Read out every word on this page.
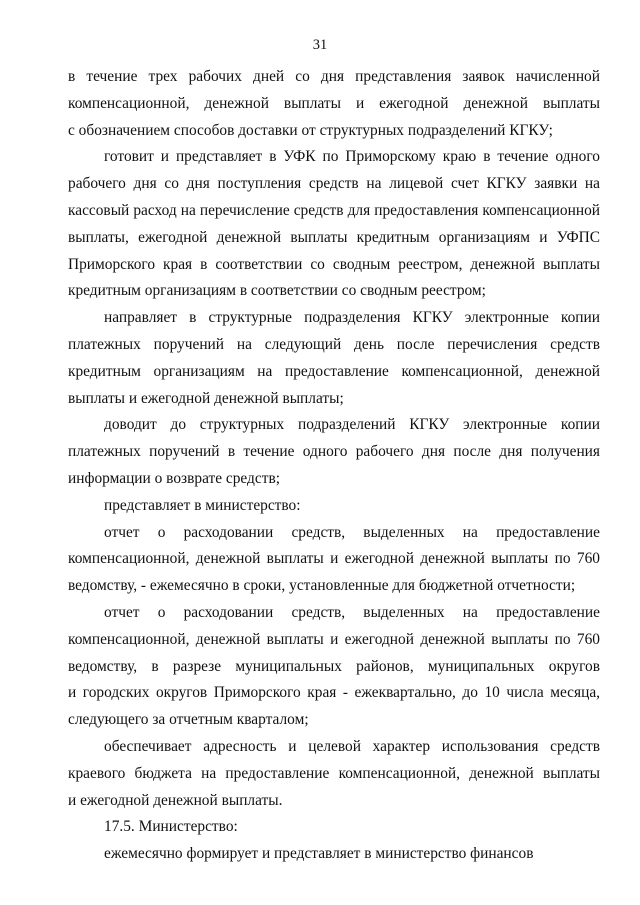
31
в течение трех рабочих дней со дня представления заявок начисленной
компенсационной, денежной выплаты и ежегодной денежной выплаты
с обозначением способов доставки от структурных подразделений КГКУ;
готовит и представляет в УФК по Приморскому краю в течение одного
рабочего дня со дня поступления средств на лицевой счет КГКУ заявки на
кассовый расход на перечисление средств для предоставления компенсационной
выплаты, ежегодной денежной выплаты кредитным организациям и УФПС
Приморского края в соответствии со сводным реестром, денежной выплаты
кредитным организациям в соответствии со сводным реестром;
направляет в структурные подразделения КГКУ электронные копии
платежных поручений на следующий день после перечисления средств
кредитным организациям на предоставление компенсационной, денежной
выплаты и ежегодной денежной выплаты;
доводит до структурных подразделений КГКУ электронные копии
платежных поручений в течение одного рабочего дня после дня получения
информации о возврате средств;
представляет в министерство:
отчет о расходовании средств, выделенных на предоставление
компенсационной, денежной выплаты и ежегодной денежной выплаты по 760
ведомству, - ежемесячно в сроки, установленные для бюджетной отчетности;
отчет о расходовании средств, выделенных на предоставление
компенсационной, денежной выплаты и ежегодной денежной выплаты по 760
ведомству, в разрезе муниципальных районов, муниципальных округов
и городских округов Приморского края - ежеквартально, до 10 числа месяца,
следующего за отчетным кварталом;
обеспечивает адресность и целевой характер использования средств
краевого бюджета на предоставление компенсационной, денежной выплаты
и ежегодной денежной выплаты.
17.5. Министерство:
ежемесячно формирует и представляет в министерство финансов
